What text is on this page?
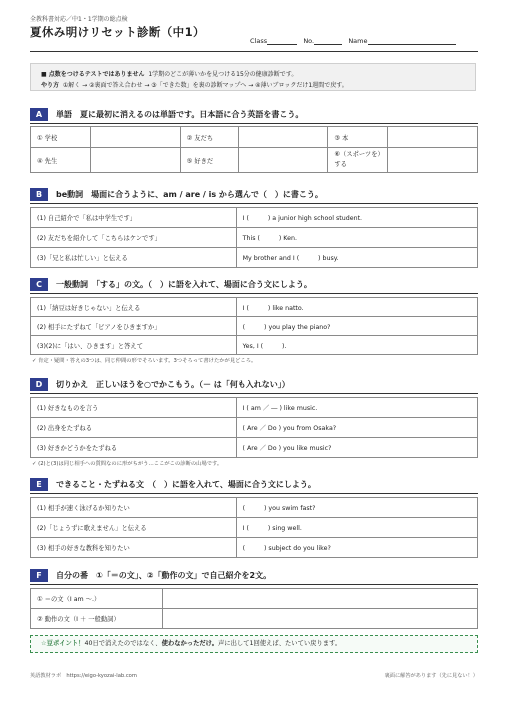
全教科書対応／中1・1学期の総点検
夏休み明けリセット診断（中1）
Class	No.	Name
■ 点数をつけるテストではありません 1学期のどこが薄いかを見つける15分の健康診断です。
やり方 ①解く → ②裏面で答え合わせ → ③「できた数」を裏の診断マップへ → ④薄いブロックだけ1週間で戻す。
A	単語　夏に最初に消えるのは単語です。日本語に合う英語を書こう。
① 学校		② 友だち		③ 本	
④ 先生		⑤ 好きだ		⑥（スポーツを）する	
B	be動詞　場面に合うように、am / are / is から選んで（　）に書こう。
(1) 自己紹介で「私は中学生です」	I (　　　) a junior high school student.
(2) 友だちを紹介して「こちらはケンです」	This (　　　) Ken.
(3)「兄と私は忙しい」と伝える	My brother and I (　　　) busy.
C	一般動詞　「する」の文。（　）に語を入れて、場面に合う文にしよう。
(1)「納豆は好きじゃない」と伝える	I (　　　) like natto.
(2) 相手にたずねて「ピアノをひきますか」	(　　　) you play the piano?
(3)(2)に「はい、ひきます」と答えて	Yes, I (　　　).
✓ 肯定・疑問・答えの3つは、同じ仲間の形でそろいます。3つそろって書けたかが見どころ。
D	切りかえ　正しいほうを○でかこもう。（－ は「何も入れない」）
(1) 好きなものを言う	I ( am ／ ― ) like music.
(2) 出身をたずねる	( Are ／ Do ) you from Osaka?
(3) 好きかどうかをたずねる	( Are ／ Do ) you like music?
✓ (2)と(3)は同じ相手への質問なのに形がちがう…ここがこの診断の山場です。
E	できること・たずねる文　（　）に語を入れて、場面に合う文にしよう。
(1) 相手が速く泳げるか知りたい	(　　　) you swim fast?
(2)「じょうずに歌えません」と伝える	I (　　　) sing well.
(3) 相手の好きな教科を知りたい	(　　　) subject do you like?
F	自分の番　①「＝の文」、②「動作の文」で自己紹介を2文。
① ＝の文（I am ～.）	
② 動作の文（I ＋ 一般動詞）	
☆豆ポイント！40日で消えたのではなく、使わなかっただけ。声に出して1回使えば、たいてい戻ります。
英語教材ラボ　https://eigo-kyozai-lab.com	裏面に解答があります（先に見ない！）
